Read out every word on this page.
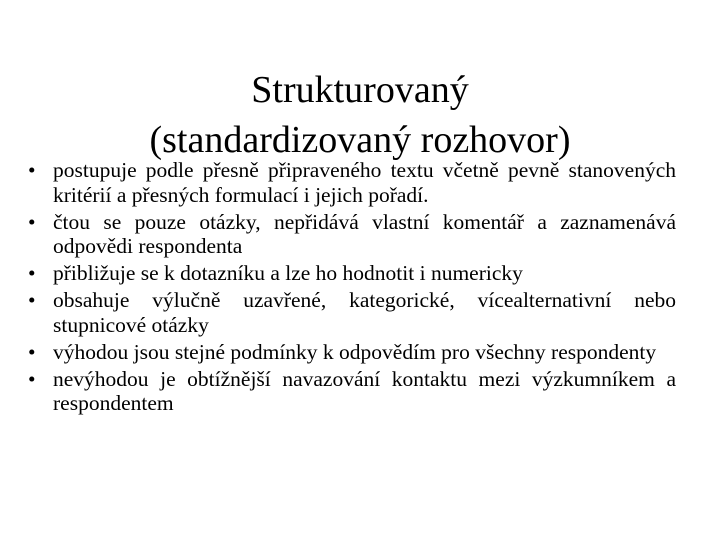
Strukturovaný
(standardizovaný rozhovor)
• postupuje podle přesně připraveného textu včetně pevně stanovených kritérií a přesných formulací i jejich pořadí.
• čtou se pouze otázky, nepřidává vlastní komentář a zaznamenává odpovědi respondenta
• přibližuje se k dotazníku a lze ho hodnotit i numericky
• obsahuje výlučně uzavřené, kategorické, vícealternativní nebo stupnicové otázky
• výhodou jsou stejné podmínky k odpovědím pro všechny respondenty
• nevýhodou je obtížnější navazování kontaktu mezi výzkumníkem a respondentem
